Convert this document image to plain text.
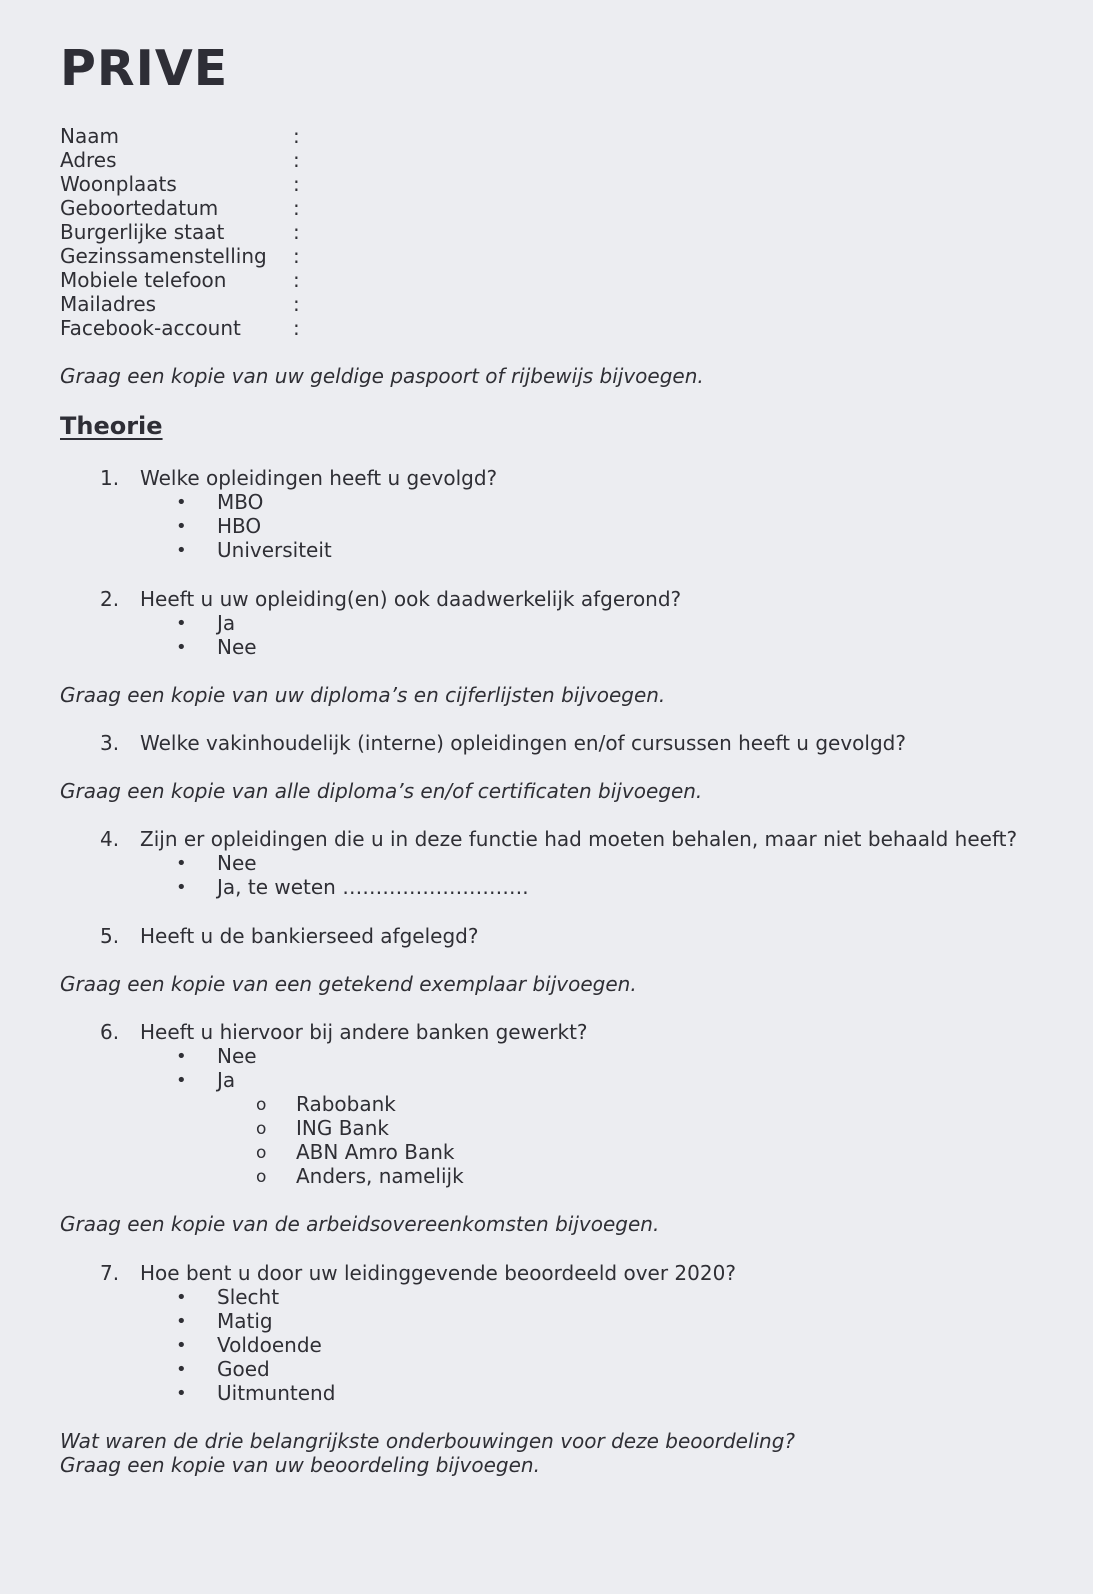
PRIVE
Naam	:
Adres	:
Woonplaats	:
Geboortedatum	:
Burgerlijke staat	:
Gezinssamenstelling :
Mobiele telefoon	:
Mailadres	:
Facebook-account	:
Graag een kopie van uw geldige paspoort of rijbewijs bijvoegen.
Theorie
1. Welke opleidingen heeft u gevolgd?
• MBO
• HBO
• Universiteit
2. Heeft u uw opleiding(en) ook daadwerkelijk afgerond?
• Ja
• Nee
Graag een kopie van uw diploma’s en cijferlijsten bijvoegen.
3. Welke vakinhoudelijk (interne) opleidingen en/of cursussen heeft u gevolgd?
Graag een kopie van alle diploma’s en/of certificaten bijvoegen.
4. Zijn er opleidingen die u in deze functie had moeten behalen, maar niet behaald heeft?
• Nee
• Ja, te weten ……………………….
5. Heeft u de bankierseed afgelegd?
Graag een kopie van een getekend exemplaar bijvoegen.
6. Heeft u hiervoor bij andere banken gewerkt?
• Nee
• Ja
o Rabobank
o ING Bank
o ABN Amro Bank
o Anders, namelijk
Graag een kopie van de arbeidsovereenkomsten bijvoegen.
7. Hoe bent u door uw leidinggevende beoordeeld over 2020?
• Slecht
• Matig
• Voldoende
• Goed
• Uitmuntend
Wat waren de drie belangrijkste onderbouwingen voor deze beoordeling?
Graag een kopie van uw beoordeling bijvoegen.
